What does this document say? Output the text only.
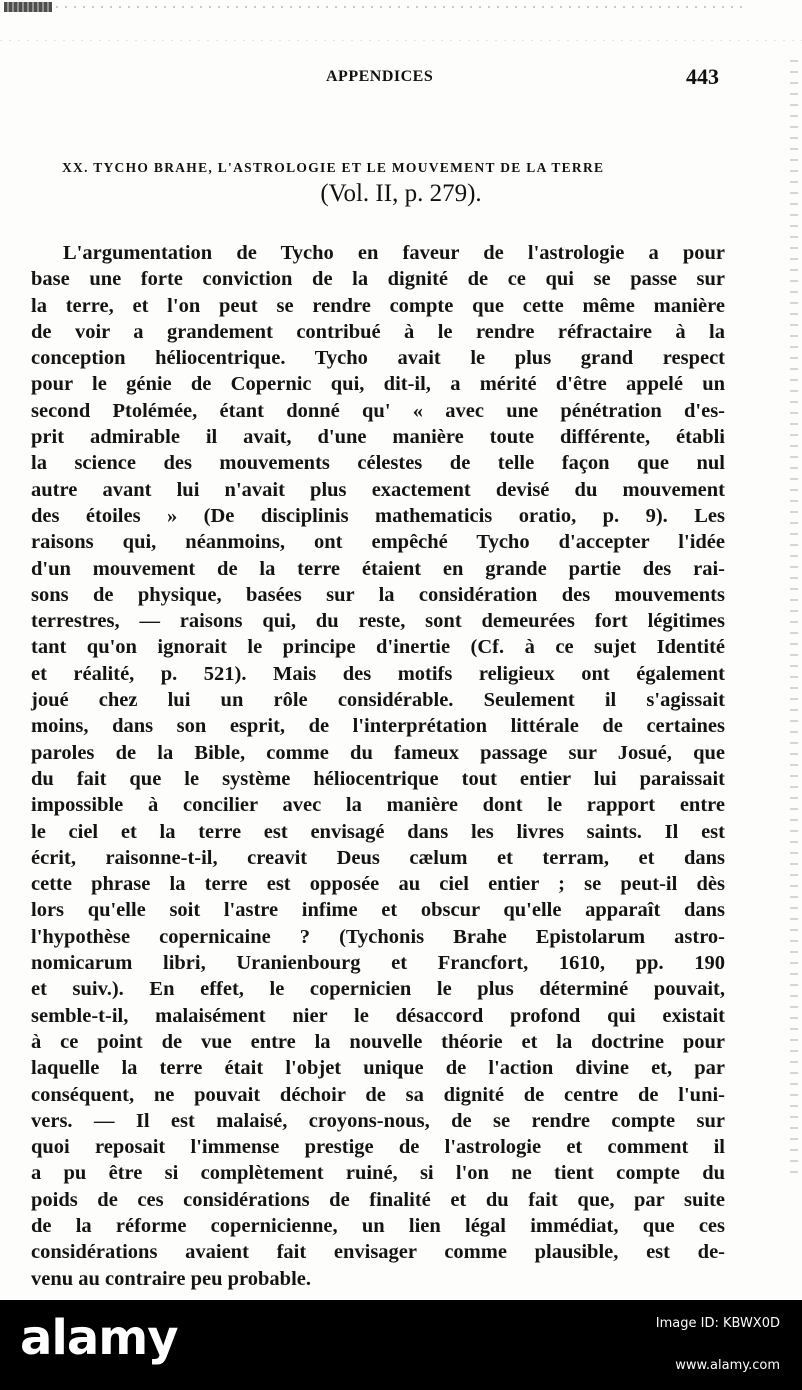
APPENDICES	443
XX. TYCHO BRAHE, L'ASTROLOGIE ET LE MOUVEMENT DE LA TERRE
(Vol. II, p. 279).
L'argumentation de Tycho en faveur de l'astrologie a pour
base une forte conviction de la dignité de ce qui se passe sur
la terre, et l'on peut se rendre compte que cette même manière
de voir a grandement contribué à le rendre réfractaire à la
conception héliocentrique. Tycho avait le plus grand respect
pour le génie de Copernic qui, dit-il, a mérité d'être appelé un
second Ptolémée, étant donné qu' « avec une pénétration d'es-
prit admirable il avait, d'une manière toute différente, établi
la science des mouvements célestes de telle façon que nul
autre avant lui n'avait plus exactement devisé du mouvement
des étoiles » (De disciplinis mathematicis oratio, p. 9). Les
raisons qui, néanmoins, ont empêché Tycho d'accepter l'idée
d'un mouvement de la terre étaient en grande partie des rai-
sons de physique, basées sur la considération des mouvements
terrestres, — raisons qui, du reste, sont demeurées fort légitimes
tant qu'on ignorait le principe d'inertie (Cf. à ce sujet Identité
et réalité, p. 521). Mais des motifs religieux ont également
joué chez lui un rôle considérable. Seulement il s'agissait
moins, dans son esprit, de l'interprétation littérale de certaines
paroles de la Bible, comme du fameux passage sur Josué, que
du fait que le système héliocentrique tout entier lui paraissait
impossible à concilier avec la manière dont le rapport entre
le ciel et la terre est envisagé dans les livres saints. Il est
écrit, raisonne-t-il, creavit Deus cælum et terram, et dans
cette phrase la terre est opposée au ciel entier ; se peut-il dès
lors qu'elle soit l'astre infime et obscur qu'elle apparaît dans
l'hypothèse copernicaine ? (Tychonis Brahe Epistolarum astro-
nomicarum libri, Uranienbourg et Francfort, 1610, pp. 190
et suiv.). En effet, le copernicien le plus déterminé pouvait,
semble-t-il, malaisément nier le désaccord profond qui existait
à ce point de vue entre la nouvelle théorie et la doctrine pour
laquelle la terre était l'objet unique de l'action divine et, par
conséquent, ne pouvait déchoir de sa dignité de centre de l'uni-
vers. — Il est malaisé, croyons-nous, de se rendre compte sur
quoi reposait l'immense prestige de l'astrologie et comment il
a pu être si complètement ruiné, si l'on ne tient compte du
poids de ces considérations de finalité et du fait que, par suite
de la réforme copernicienne, un lien légal immédiat, que ces
considérations avaient fait envisager comme plausible, est de-
venu au contraire peu probable.
alamy	Image ID: KBWX0D
www.alamy.com
